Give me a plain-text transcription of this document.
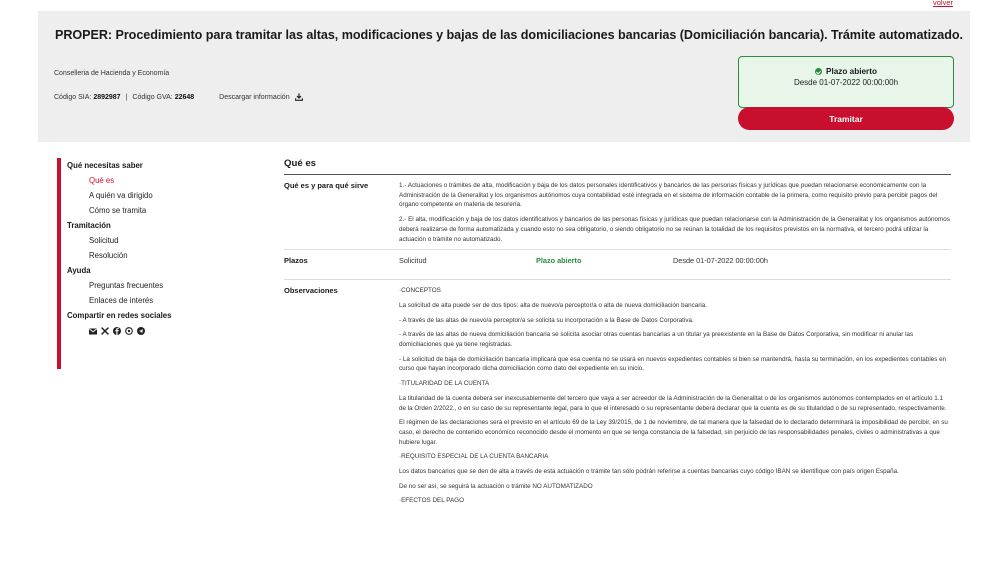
volver
PROPER: Procedimiento para tramitar las altas, modificaciones y bajas de las domiciliaciones bancarias (Domiciliación bancaria). Trámite automatizado.
Conselleria de Hacienda y Economía
Código SIA:
2892987 | Código GVA:
22648	Descargar información
Plazo abierto
Desde 01-07-2022 00:00:00h
Tramitar
Qué necesitas saber
Qué es
A quién va dirigido
Cómo se tramita
Tramitación
Solicitud
Resolución
Ayuda
Preguntas frecuentes
Enlaces de interés
Compartir en redes sociales
Qué es
Qué es y para qué sirve	1.- Actuaciones o trámites de alta, modificación y baja de los datos personales identificativos y bancarios de las personas físicas y jurídicas que puedan relacionarse económicamente con la Administración de la Generalitat y los organismos autónomos cuya contabilidad esté integrada en el sistema de información contable de la primera, como requisito previo para percibir pagos del órgano competente en materia de tesorería.

2.- El alta, modificación y baja de los datos identificativos y bancarios de las personas físicas y jurídicas que puedan relacionarse con la Administración de la Generalitat y los organismos autónomos deberá realizarse de forma automatizada y cuando esto no sea obligatorio, o siendo obligatorio no se reúnan la totalidad de los requisitos previstos en la normativa, el tercero podrá utilizar la actuación o trámite no automatizado.

Plazos	Solicitud	Plazo abierto	Desde 01-07-2022 00:00:00h
Observaciones	·CONCEPTOS

La solicitud de alta puede ser de dos tipos: alta de nuevo/a perceptor/a o alta de nueva domiciliación bancaria.

- A través de las altas de nuevo/a perceptor/a se solicita su incorporación a la Base de Datos Corporativa.

- A través de las altas de nueva domiciliación bancaria se solicita asociar otras cuentas bancarias a un titular ya preexistente en la Base de Datos Corporativa, sin modificar ni anular las domiciliaciones que ya tiene registradas.

- La solicitud de baja de domiciliación bancaria implicará que esa cuenta no se usará en nuevos expedientes contables si bien se mantendrá, hasta su terminación, en los expedientes contables en curso que hayan incorporado dicha domiciliación como dato del expediente en su inicio.

·TITULARIDAD DE LA CUENTA

La titularidad de la cuenta deberá ser inexcusablemente del tercero que vaya a ser acreedor de la Administración de la Generalitat o de los organismos autónomos contemplados en el artículo 1.1 de la Orden 2/2022., o en su caso de su representante legal, para lo que el interesado o su representante deberá declarar que la cuenta es de su titularidad o de su representado, respectivamente.

El régimen de las declaraciones será el previsto en el artículo 69 de la Ley 39/2015, de 1 de noviembre, de tal manera que la falsedad de lo declarado determinará la imposibilidad de percibir, en su caso, el derecho de contenido económico reconocido desde el momento en que se tenga constancia de la falsedad, sin perjuicio de las responsabilidades penales, civiles o administrativas a que hubiere lugar.

·REQUISITO ESPECIAL DE LA CUENTA BANCARIA

Los datos bancarios que se den de alta a través de esta actuación o trámite tan sólo podrán referirse a cuentas bancarias cuyo código IBAN se identifique con país origen España.

De no ser así, se seguirá la actuación o trámite NO AUTOMATIZADO

·EFECTOS DEL PAGO
